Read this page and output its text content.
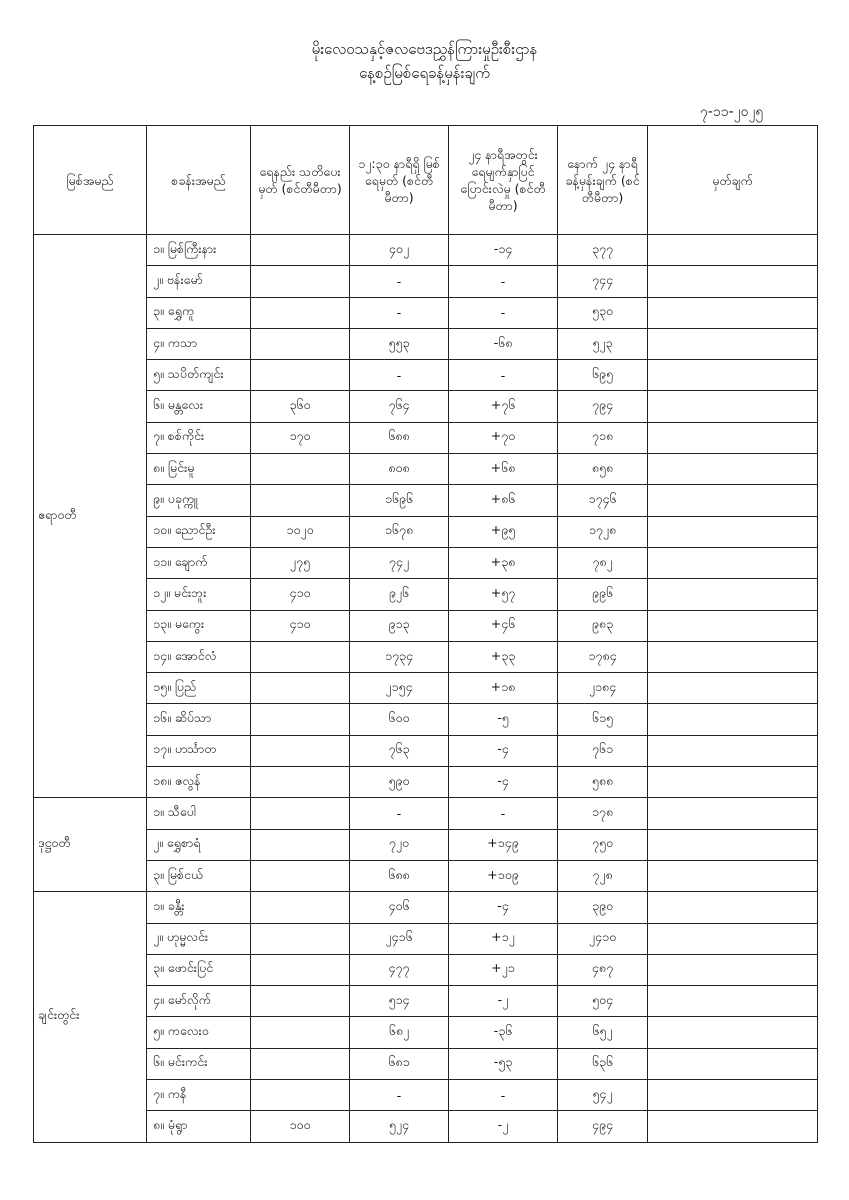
မိုးလေဝသနှင့်ဇလဗေဒညွှန်ကြားမှုဦးစီးဌာန
နေ့စဉ်မြစ်ရေခန့်မှန်းချက်
၇-၁၁-၂၀၂၅
မြစ်အမည်	စခန်းအမည်	ရေနည်း သတိပေးမှတ် (စင်တီမီတာ)	၁၂:၃၀ နာရီရှိ မြစ်ရေမှတ် (စင်တီမီတာ)	၂၄ နာရီအတွင်း ရေမျက်နှာပြင် ပြောင်းလဲမှု (စင်တီမီတာ)	နောက် ၂၄ နာရီ ခန့်မှန်းချက် (စင်တီမီတာ)	မှတ်ချက်
ဧရာဝတီ	၁။ မြစ်ကြီးနား		၄၀၂	-၁၄	၃၇၇	
	၂။ ဗန်းမော်		-	-	၇၄၄	
	၃။ ရွှေကူ		-	-	၅၃၀	
	၄။ ကသာ		၅၅၃	-၆၈	၅၂၃	
	၅။ သပိတ်ကျင်း		-	-	၆၉၅	
	၆။ မန္တလေး	၃၆၀	၇၆၄	+၇၆	၇၉၄	
	၇။ စစ်ကိုင်း	၁၇၀	၆၈၈	+၇၀	၇၁၈	
	၈။ မြင်းမူ		၈၀၈	+၆၈	၈၅၈	
	၉။ ပခုက္ကူ		၁၆၉၆	+၈၆	၁၇၄၆	
	၁၀။ ညောင်ဦး	၁၀၂၀	၁၆၇၈	+၉၅	၁၇၂၈	
	၁၁။ ချောက်	၂၇၅	၇၄၂	+၃၈	၇၈၂	
	၁၂။ မင်းဘူး	၄၁၀	၉၂၆	+၅၇	၉၉၆	
	၁၃။ မကွေး	၄၁၀	၉၁၃	+၄၆	၉၈၃	
	၁၄။ အောင်လံ		၁၇၃၄	+၃၃	၁၇၈၄	
	၁၅။ ပြည်		၂၁၅၄	+၁၈	၂၁၈၄	
	၁၆။ ဆိပ်သာ		၆၀၀	-၅	၆၁၅	
	၁၇။ ဟင်္သာတ		၇၆၃	-၄	၇၆၁	
	၁၈။ ဇလွန်		၅၉၀	-၄	၅၈၈	
ဒုဋ္ဌဝတီ	၁။ သီပေါ		-	-	၁၇၈	
	၂။ ရွှေစာရံ		၇၂၀	+၁၄၉	၇၅၀	
	၃။ မြစ်ငယ်		၆၈၈	+၁၀၉	၇၂၈	
ချင်းတွင်း	၁။ ခန္တီး		၄၀၆	-၄	၃၉၀	
	၂။ ဟုမ္မလင်း		၂၄၁၆	+၁၂	၂၄၁၀	
	၃။ ဖောင်းပြင်		၄၇၇	+၂၁	၄၈၇	
	၄။ မော်လိုက်		၅၁၄	-၂	၅၀၄	
	၅။ ကလေးဝ		၆၈၂	-၃၆	၆၅၂	
	၆။ မင်းကင်း		၆၈၁	-၅၃	၆၃၆	
	၇။ ကနီ		-	-	၅၄၂	
	၈။ မုံရွာ	၁၀၀	၅၂၄	-၂	၄၉၄	
